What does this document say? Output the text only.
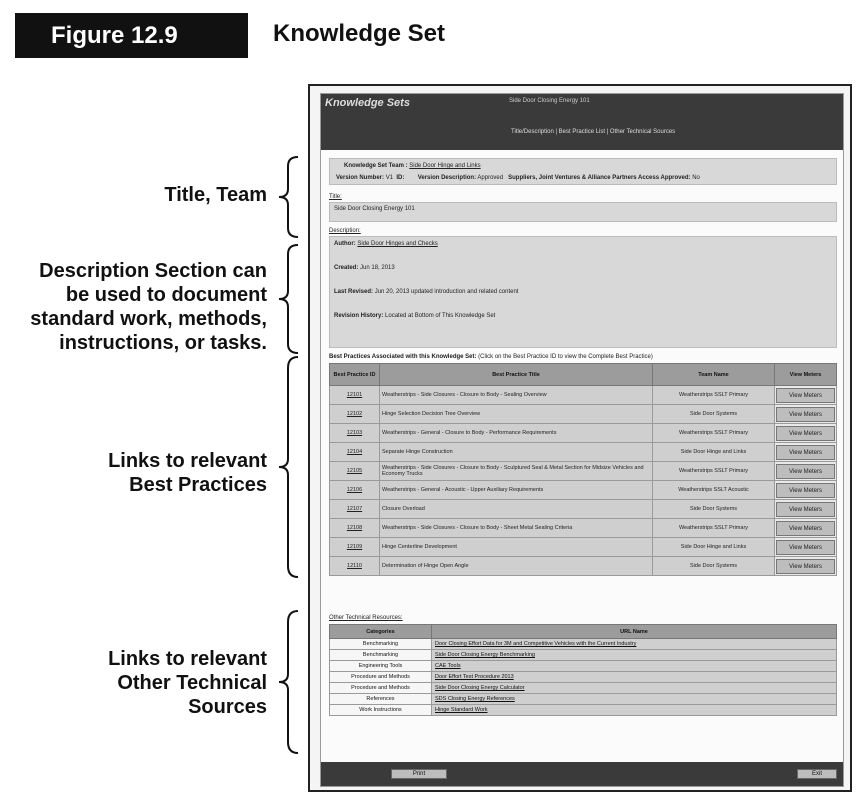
Figure 12.9	Knowledge Set
Title, Team
Description Section can
be used to document
standard work, methods,
instructions, or tasks.
Links to relevant
Best Practices
Links to relevant
Other Technical
Sources
Knowledge Sets	Side Door Closing Energy 101
Title/Description | Best Practice List | Other Technical Sources
Knowledge Set Team : Side Door Hinge and Links
Version Number: V1 ID: Version Description: Approved Suppliers, Joint Ventures & Alliance Partners Access Approved: No
Title:
Side Door Closing Energy 101
Description:
Author: Side Door Hinges and Checks
Created: Jun 18, 2013
Last Revised: Jun 20, 2013 updated introduction and related content
Revision History: Located at Bottom of This Knowledge Set
Best Practices Associated with this Knowledge Set: (Click on the Best Practice ID to view the Complete Best Practice)
Best Practice ID	Best Practice Title	Team Name	View Meters
12101	Weatherstrips - Side Closures - Closure to Body - Sealing Overview	Weatherstrips SSLT Primary	View Meters

12102	Hinge Selection Decision Tree Overview	Side Door Systems	View Meters

12103	Weatherstrips - General - Closure to Body - Performance Requirements	Weatherstrips SSLT Primary	View Meters

12104	Separate Hinge Construction	Side Door Hinge and Links	View Meters

12105	Weatherstrips - Side Closures - Closure to Body - Sculptured Seal & Metal Section for Midsize Vehicles and Economy Trucks	Weatherstrips SSLT Primary	View Meters

12106	Weatherstrips - General - Acoustic - Upper Auxiliary Requirements	Weatherstrips SSLT Acoustic	View Meters

12107	Closure Overload	Side Door Systems	View Meters

12108	Weatherstrips - Side Closures - Closure to Body - Sheet Metal Sealing Criteria	Weatherstrips SSLT Primary	View Meters

12109	Hinge Centerline Development	Side Door Hinge and Links	View Meters

12110	Determination of Hinge Open Angle	Side Door Systems	View Meters
Other Technical Resources:
Categories	URL Name
Benchmarking	Door Closing Effort Data for 3M and Competitive Vehicles with the Current Industry
Benchmarking	Side Door Closing Energy Benchmarking
Engineering Tools	CAE Tools
Procedure and Methods	Door Effort Test Procedure 2013
Procedure and Methods	Side Door Closing Energy Calculator
References	SDS Closing Energy References
Work Instructions	Hinge Standard Work
Print	Exit
